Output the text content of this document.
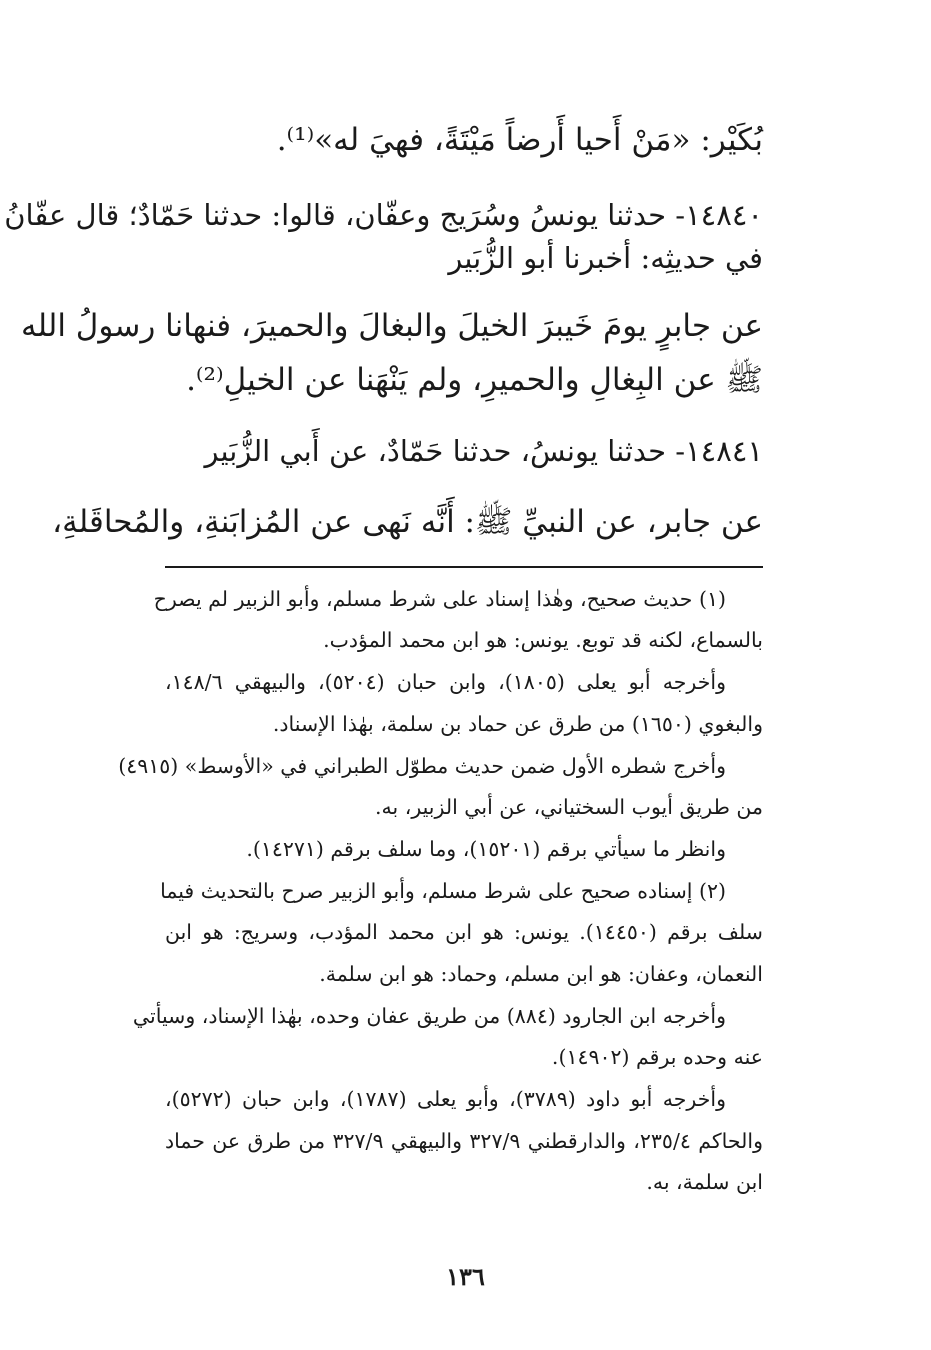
بُكَيْر: «مَنْ أَحيا أَرضاً مَيْتَةً، فهيَ له»⁽¹⁾.
١٤٨٤٠- حدثنا يونسُ وسُرَيج وعفّان، قالوا: حدثنا حَمّادٌ؛ قال عفّانُ
في حديثِه: أخبرنا أبو الزُّبَير
عن جابرٍ يومَ خَيبرَ الخيلَ والبغالَ والحميرَ، فنهانا رسولُ الله
ﷺ عن البِغالِ والحميرِ، ولم يَنْهَنا عن الخيلِ⁽²⁾.
١٤٨٤١- حدثنا يونسُ، حدثنا حَمّادٌ، عن أَبي الزُّبَير
عن جابر، عن النبيِّ ﷺ: أَنَّه نَهى عن المُزابَنةِ، والمُحاقَلةِ،
(١) حديث صحيح، وهٰذا إسناد على شرط مسلم، وأبو الزبير لم يصرح
بالسماع، لكنه قد توبع. يونس: هو ابن محمد المؤدب.
وأخرجه أبو يعلى (١٨٠٥)، وابن حبان (٥٢٠٤)، والبيهقي ١٤٨/٦،
والبغوي (١٦٥٠) من طرق عن حماد بن سلمة، بهٰذا الإسناد.
وأخرج شطره الأول ضمن حديث مطوّل الطبراني في «الأوسط» (٤٩١٥)
من طريق أيوب السختياني، عن أبي الزبير، به.
وانظر ما سيأتي برقم (١٥٢٠١)، وما سلف برقم (١٤٢٧١).
(٢) إسناده صحيح على شرط مسلم، وأبو الزبير صرح بالتحديث فيما
سلف برقم (١٤٤٥٠). يونس: هو ابن محمد المؤدب، وسريج: هو ابن
النعمان، وعفان: هو ابن مسلم، وحماد: هو ابن سلمة.
وأخرجه ابن الجارود (٨٨٤) من طريق عفان وحده، بهٰذا الإسناد، وسيأتي
عنه وحده برقم (١٤٩٠٢).
وأخرجه أبو داود (٣٧٨٩)، وأبو يعلى (١٧٨٧)، وابن حبان (٥٢٧٢)،
والحاكم ٢٣٥/٤، والدارقطني ٣٢٧/٩ والبيهقي ٣٢٧/٩ من طرق عن حماد
ابن سلمة، به.
١٣٦
